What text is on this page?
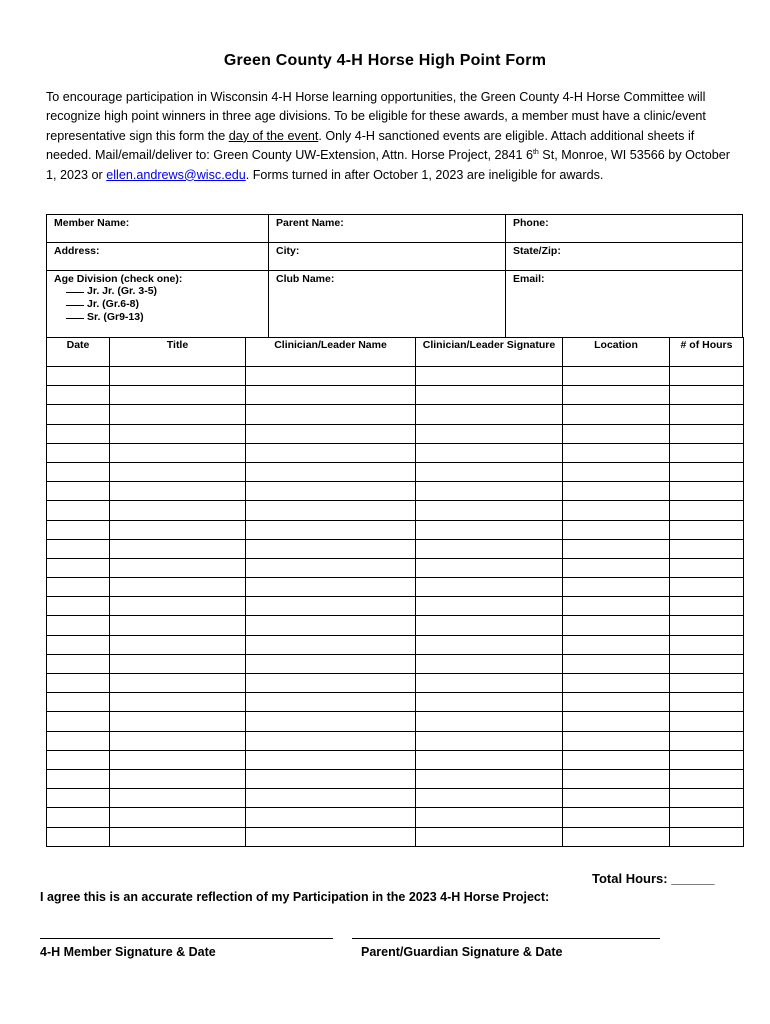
Green County 4-H Horse High Point Form
To encourage participation in Wisconsin 4-H Horse learning opportunities, the Green County 4-H Horse Committee will recognize high point winners in three age divisions. To be eligible for these awards, a member must have a clinic/event representative sign this form the day of the event. Only 4-H sanctioned events are eligible. Attach additional sheets if needed. Mail/email/deliver to: Green County UW-Extension, Attn. Horse Project, 2841 6th St, Monroe, WI 53566 by October 1, 2023 or ellen.andrews@wisc.edu. Forms turned in after October 1, 2023 are ineligible for awards.
Member Name:	Parent Name:	Phone:
Address:	City:	State/Zip:
Age Division (check one):
Jr. Jr. (Gr. 3-5)
Jr. (Gr.6-8)
Sr. (Gr9-13)
Club Name:	Email:
Date	Title	Clinician/Leader Name	Clinician/Leader Signature	Location	# of Hours

Total Hours: ______
I agree this is an accurate reflection of my Participation in the 2023 4-H Horse Project:
4-H Member Signature & Date	Parent/Guardian Signature & Date
